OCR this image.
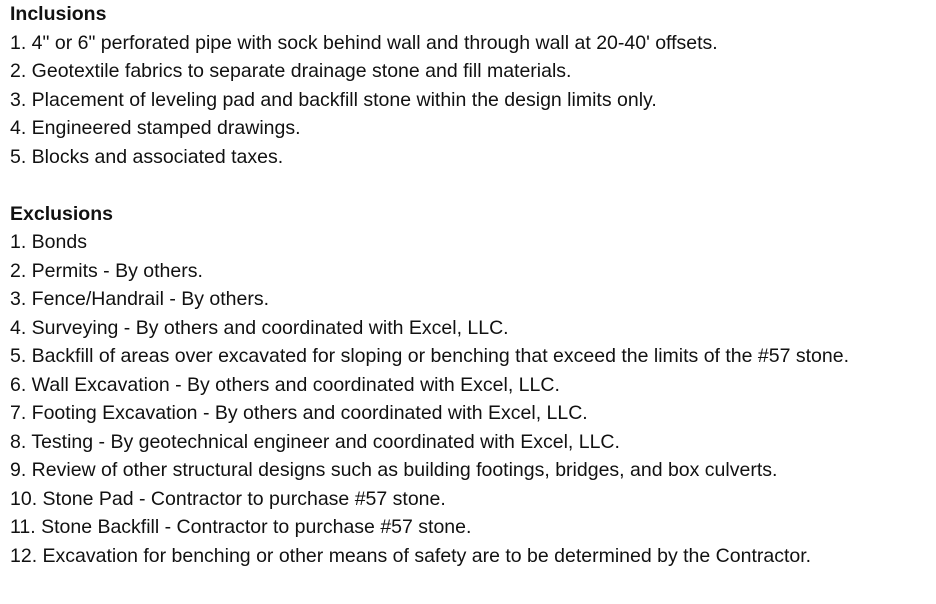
Inclusions
1. 4" or 6" perforated pipe with sock behind wall and through wall at 20-40' offsets.
2. Geotextile fabrics to separate drainage stone and fill materials.
3. Placement of leveling pad and backfill stone within the design limits only.
4. Engineered stamped drawings.
5. Blocks and associated taxes.
Exclusions
1. Bonds
2. Permits - By others.
3. Fence/Handrail - By others.
4. Surveying - By others and coordinated with Excel, LLC.
5. Backfill of areas over excavated for sloping or benching that exceed the limits of the #57 stone.
6. Wall Excavation - By others and coordinated with Excel, LLC.
7. Footing Excavation - By others and coordinated with Excel, LLC.
8. Testing - By geotechnical engineer and coordinated with Excel, LLC.
9. Review of other structural designs such as building footings, bridges, and box culverts.
10. Stone Pad - Contractor to purchase #57 stone.
11. Stone Backfill - Contractor to purchase #57 stone.
12. Excavation for benching or other means of safety are to be determined by the Contractor.
